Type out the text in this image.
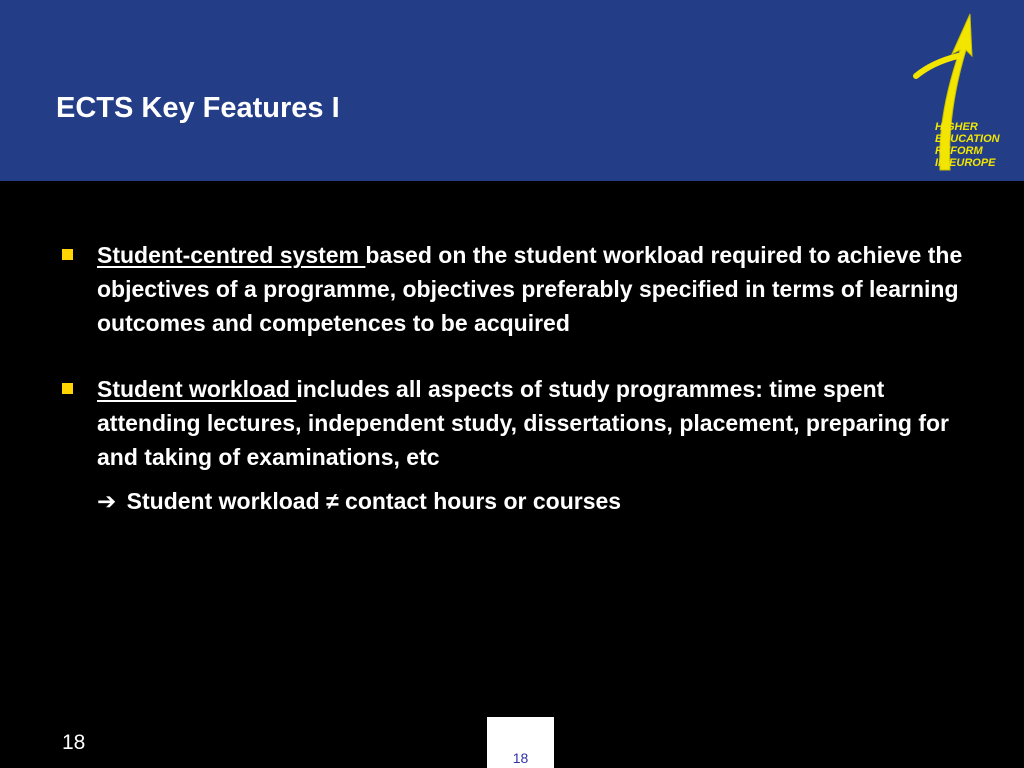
ECTS Key Features I
HIGHER
EDUCATION
REFORM
IN EUROPE
Student-centred system based on the student workload required to achieve the objectives of a programme, objectives preferably specified in terms of learning outcomes and competences to be acquired
Student workload includes all aspects of study programmes: time spent attending lectures, independent study, dissertations, placement, preparing for and taking of examinations, etc
➔ Student workload ≠ contact hours or courses
18
18
